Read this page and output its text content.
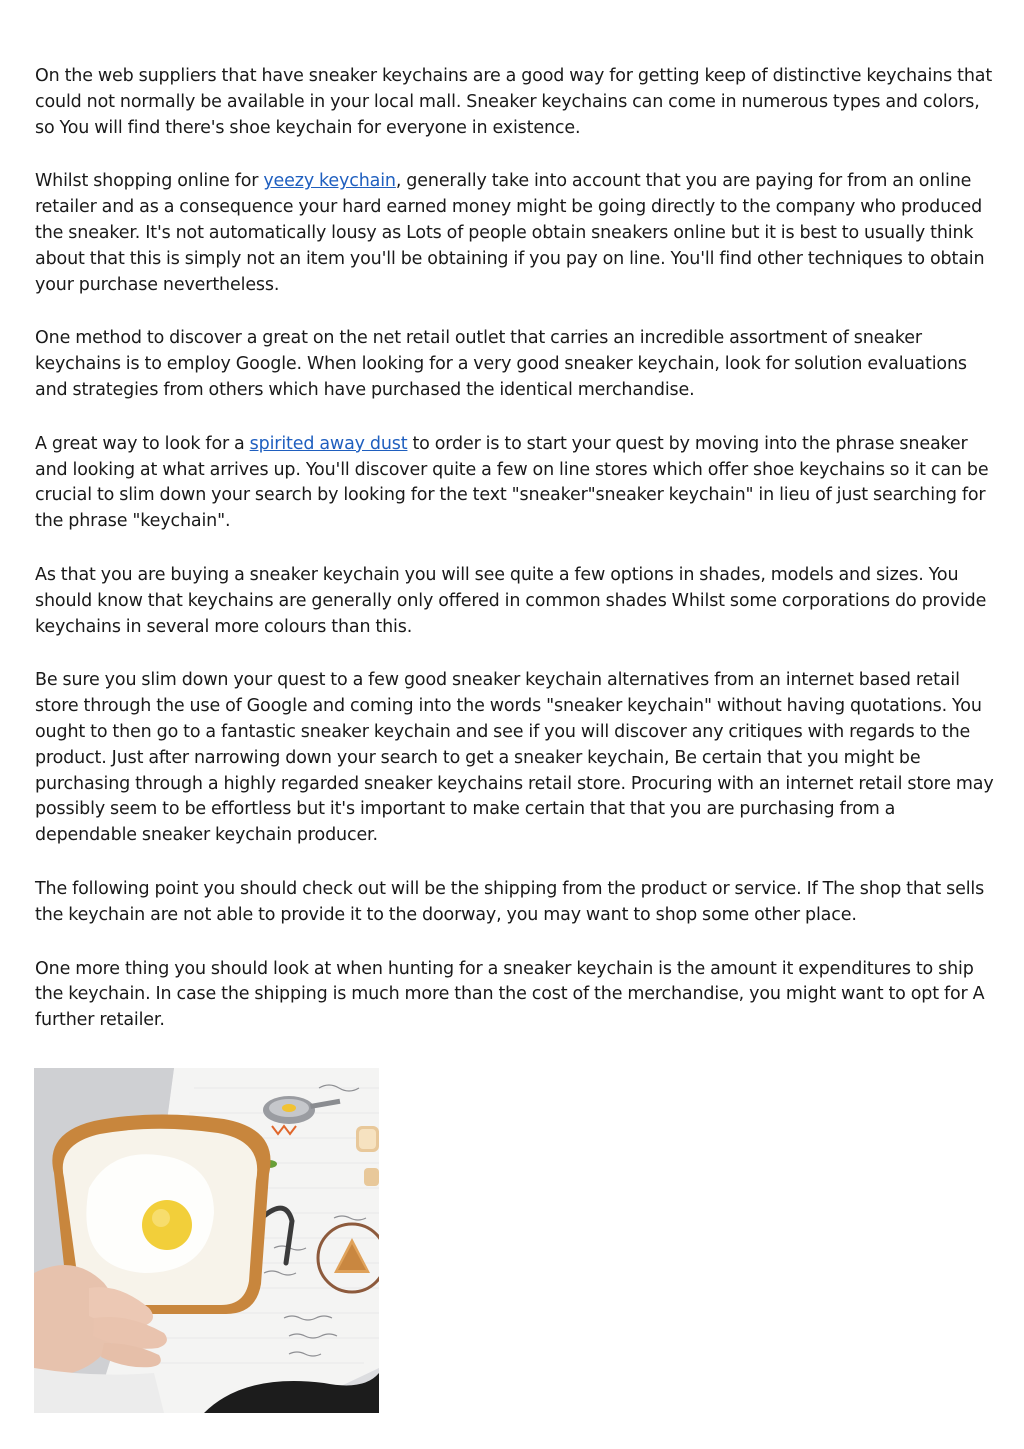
On the web suppliers that have sneaker keychains are a good way for getting keep of distinctive keychains that could not normally be available in your local mall. Sneaker keychains can come in numerous types and colors, so You will find there's shoe keychain for everyone in existence.

Whilst shopping online for yeezy keychain, generally take into account that you are paying for from an online retailer and as a consequence your hard earned money might be going directly to the company who produced the sneaker. It's not automatically lousy as Lots of people obtain sneakers online but it is best to usually think about that this is simply not an item you'll be obtaining if you pay on line. You'll find other techniques to obtain your purchase nevertheless.

One method to discover a great on the net retail outlet that carries an incredible assortment of sneaker keychains is to employ Google. When looking for a very good sneaker keychain, look for solution evaluations and strategies from others which have purchased the identical merchandise.

A great way to look for a spirited away dust to order is to start your quest by moving into the phrase sneaker and looking at what arrives up. You'll discover quite a few on line stores which offer shoe keychains so it can be crucial to slim down your search by looking for the text "sneaker"sneaker keychain" in lieu of just searching for the phrase "keychain".

As that you are buying a sneaker keychain you will see quite a few options in shades, models and sizes. You should know that keychains are generally only offered in common shades Whilst some corporations do provide keychains in several more colours than this.

Be sure you slim down your quest to a few good sneaker keychain alternatives from an internet based retail store through the use of Google and coming into the words "sneaker keychain" without having quotations. You ought to then go to a fantastic sneaker keychain and see if you will discover any critiques with regards to the product. Just after narrowing down your search to get a sneaker keychain, Be certain that you might be purchasing through a highly regarded sneaker keychains retail store. Procuring with an internet retail store may possibly seem to be effortless but it's important to make certain that that you are purchasing from a dependable sneaker keychain producer.

The following point you should check out will be the shipping from the product or service. If The shop that sells the keychain are not able to provide it to the doorway, you may want to shop some other place.

One more thing you should look at when hunting for a sneaker keychain is the amount it expenditures to ship the keychain. In case the shipping is much more than the cost of the merchandise, you might want to opt for A further retailer.
